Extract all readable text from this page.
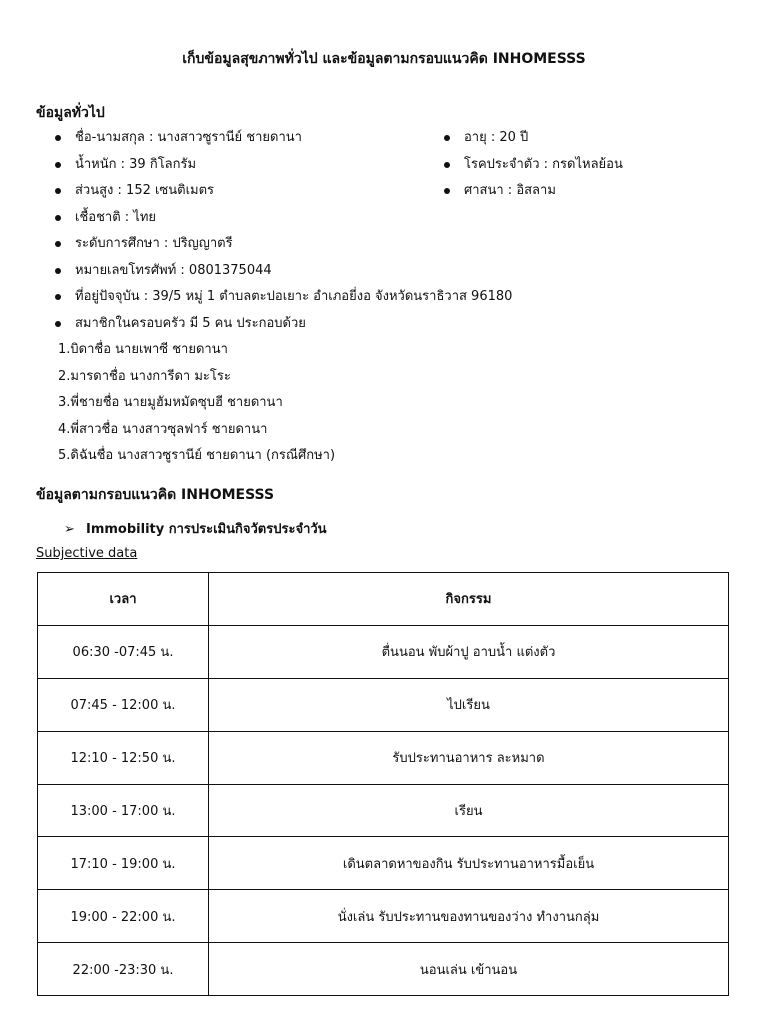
เก็บข้อมูลสุขภาพทั่วไป และข้อมูลตามกรอบแนวคิด INHOMESSS
ข้อมูลทั่วไป
ชื่อ-นามสกุล : นางสาวซูรานีย์ ชายดานา
น้ำหนัก : 39 กิโลกรัม
ส่วนสูง : 152 เซนติเมตร
เชื้อชาติ : ไทย
ระดับการศึกษา : ปริญญาตรี
หมายเลขโทรศัพท์ : 0801375044
ที่อยู่ปัจจุบัน : 39/5 หมู่ 1 ตำบลตะปอเยาะ อำเภอยี่งอ จังหวัดนราธิวาส 96180
สมาชิกในครอบครัว มี 5 คน ประกอบด้วย
อายุ : 20 ปี
โรคประจำตัว : กรดไหลย้อน
ศาสนา : อิสลาม
1.บิดาชื่อ นายเพาซี ชายดานา
2.มารดาชื่อ นางการีดา มะโระ
3.พี่ชายชื่อ นายมูฮัมหมัดซุบฮี ชายดานา
4.พี่สาวชื่อ นางสาวซุลฟาร์ ชายดานา
5.ดิฉันชื่อ นางสาวซูรานีย์ ชายดานา (กรณีศึกษา)
ข้อมูลตามกรอบแนวคิด INHOMESSS
➢ Immobility การประเมินกิจวัตรประจำวัน
Subjective data
เวลา	กิจกรรม
06:30 -07:45 น.	ตื่นนอน พับผ้าปู อาบน้ำ แต่งตัว
07:45 - 12:00 น.	ไปเรียน
12:10 - 12:50 น.	รับประทานอาหาร ละหมาด
13:00 - 17:00 น.	เรียน
17:10 - 19:00 น.	เดินตลาดหาของกิน รับประทานอาหารมื้อเย็น
19:00 - 22:00 น.	นั่งเล่น รับประทานของทานของว่าง ทำงานกลุ่ม
22:00 -23:30 น.	นอนเล่น เข้านอน
